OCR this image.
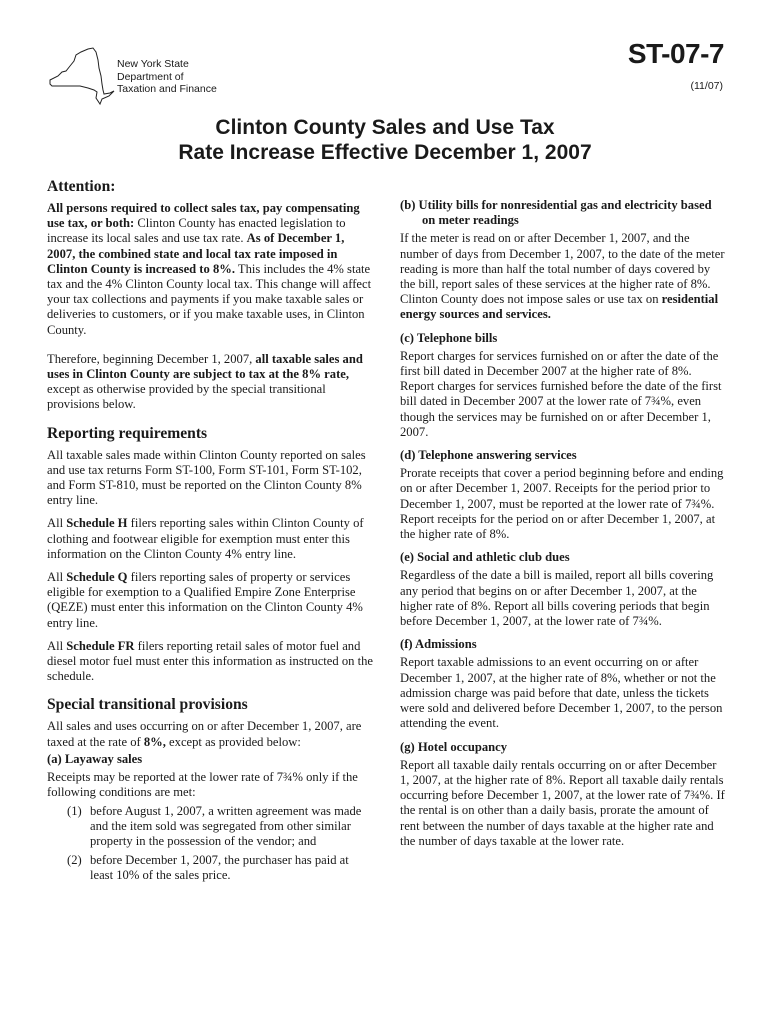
New York State
Department of
Taxation and Finance
ST-07-7
(11/07)
Clinton County Sales and Use Tax
Rate Increase Effective December 1, 2007
Attention:

All persons required to collect sales tax, pay compensating use tax, or both: Clinton County has enacted legislation to increase its local sales and use tax rate. As of December 1, 2007, the combined state and local tax rate imposed in Clinton County is increased to 8%. This includes the 4% state tax and the 4% Clinton County local tax. This change will affect your tax collections and payments if you make taxable sales or deliveries to customers, or if you make taxable uses, in Clinton County.

Therefore, beginning December 1, 2007, all taxable sales and uses in Clinton County are subject to tax at the 8% rate, except as otherwise provided by the special transitional provisions below.

Reporting requirements

All taxable sales made within Clinton County reported on sales and use tax returns Form ST-100, Form ST-101, Form ST-102, and Form ST-810, must be reported on the Clinton County 8% entry line.

All Schedule H filers reporting sales within Clinton County of clothing and footwear eligible for exemption must enter this information on the Clinton County 4% entry line.

All Schedule Q filers reporting sales of property or services eligible for exemption to a Qualified Empire Zone Enterprise (QEZE) must enter this information on the Clinton County 4% entry line.

All Schedule FR filers reporting retail sales of motor fuel and diesel motor fuel must enter this information as instructed on the schedule.

Special transitional provisions

All sales and uses occurring on or after December 1, 2007, are taxed at the rate of 8%, except as provided below:

(a) Layaway sales

Receipts may be reported at the lower rate of 7¾% only if the following conditions are met:

(1) before August 1, 2007, a written agreement was made and the item sold was segregated from other similar property in the possession of the vendor; and
(2) before December 1, 2007, the purchaser has paid at least 10% of the sales price.
(b) Utility bills for nonresidential gas and electricity based on meter readings

If the meter is read on or after December 1, 2007, and the number of days from December 1, 2007, to the date of the meter reading is more than half the total number of days covered by the bill, report sales of these services at the higher rate of 8%. Clinton County does not impose sales or use tax on residential energy sources and services.

(c) Telephone bills

Report charges for services furnished on or after the date of the first bill dated in December 2007 at the higher rate of 8%. Report charges for services furnished before the date of the first bill dated in December 2007 at the lower rate of 7¾%, even though the services may be furnished on or after December 1, 2007.

(d) Telephone answering services

Prorate receipts that cover a period beginning before and ending on or after December 1, 2007. Receipts for the period prior to December 1, 2007, must be reported at the lower rate of 7¾%. Report receipts for the period on or after December 1, 2007, at the higher rate of 8%.

(e) Social and athletic club dues

Regardless of the date a bill is mailed, report all bills covering any period that begins on or after December 1, 2007, at the higher rate of 8%. Report all bills covering periods that begin before December 1, 2007, at the lower rate of 7¾%.

(f) Admissions

Report taxable admissions to an event occurring on or after December 1, 2007, at the higher rate of 8%, whether or not the admission charge was paid before that date, unless the tickets were sold and delivered before December 1, 2007, to the person attending the event.

(g) Hotel occupancy

Report all taxable daily rentals occurring on or after December 1, 2007, at the higher rate of 8%. Report all taxable daily rentals occurring before December 1, 2007, at the lower rate of 7¾%. If the rental is on other than a daily basis, prorate the amount of rent between the number of days taxable at the higher rate and the number of days taxable at the lower rate.
